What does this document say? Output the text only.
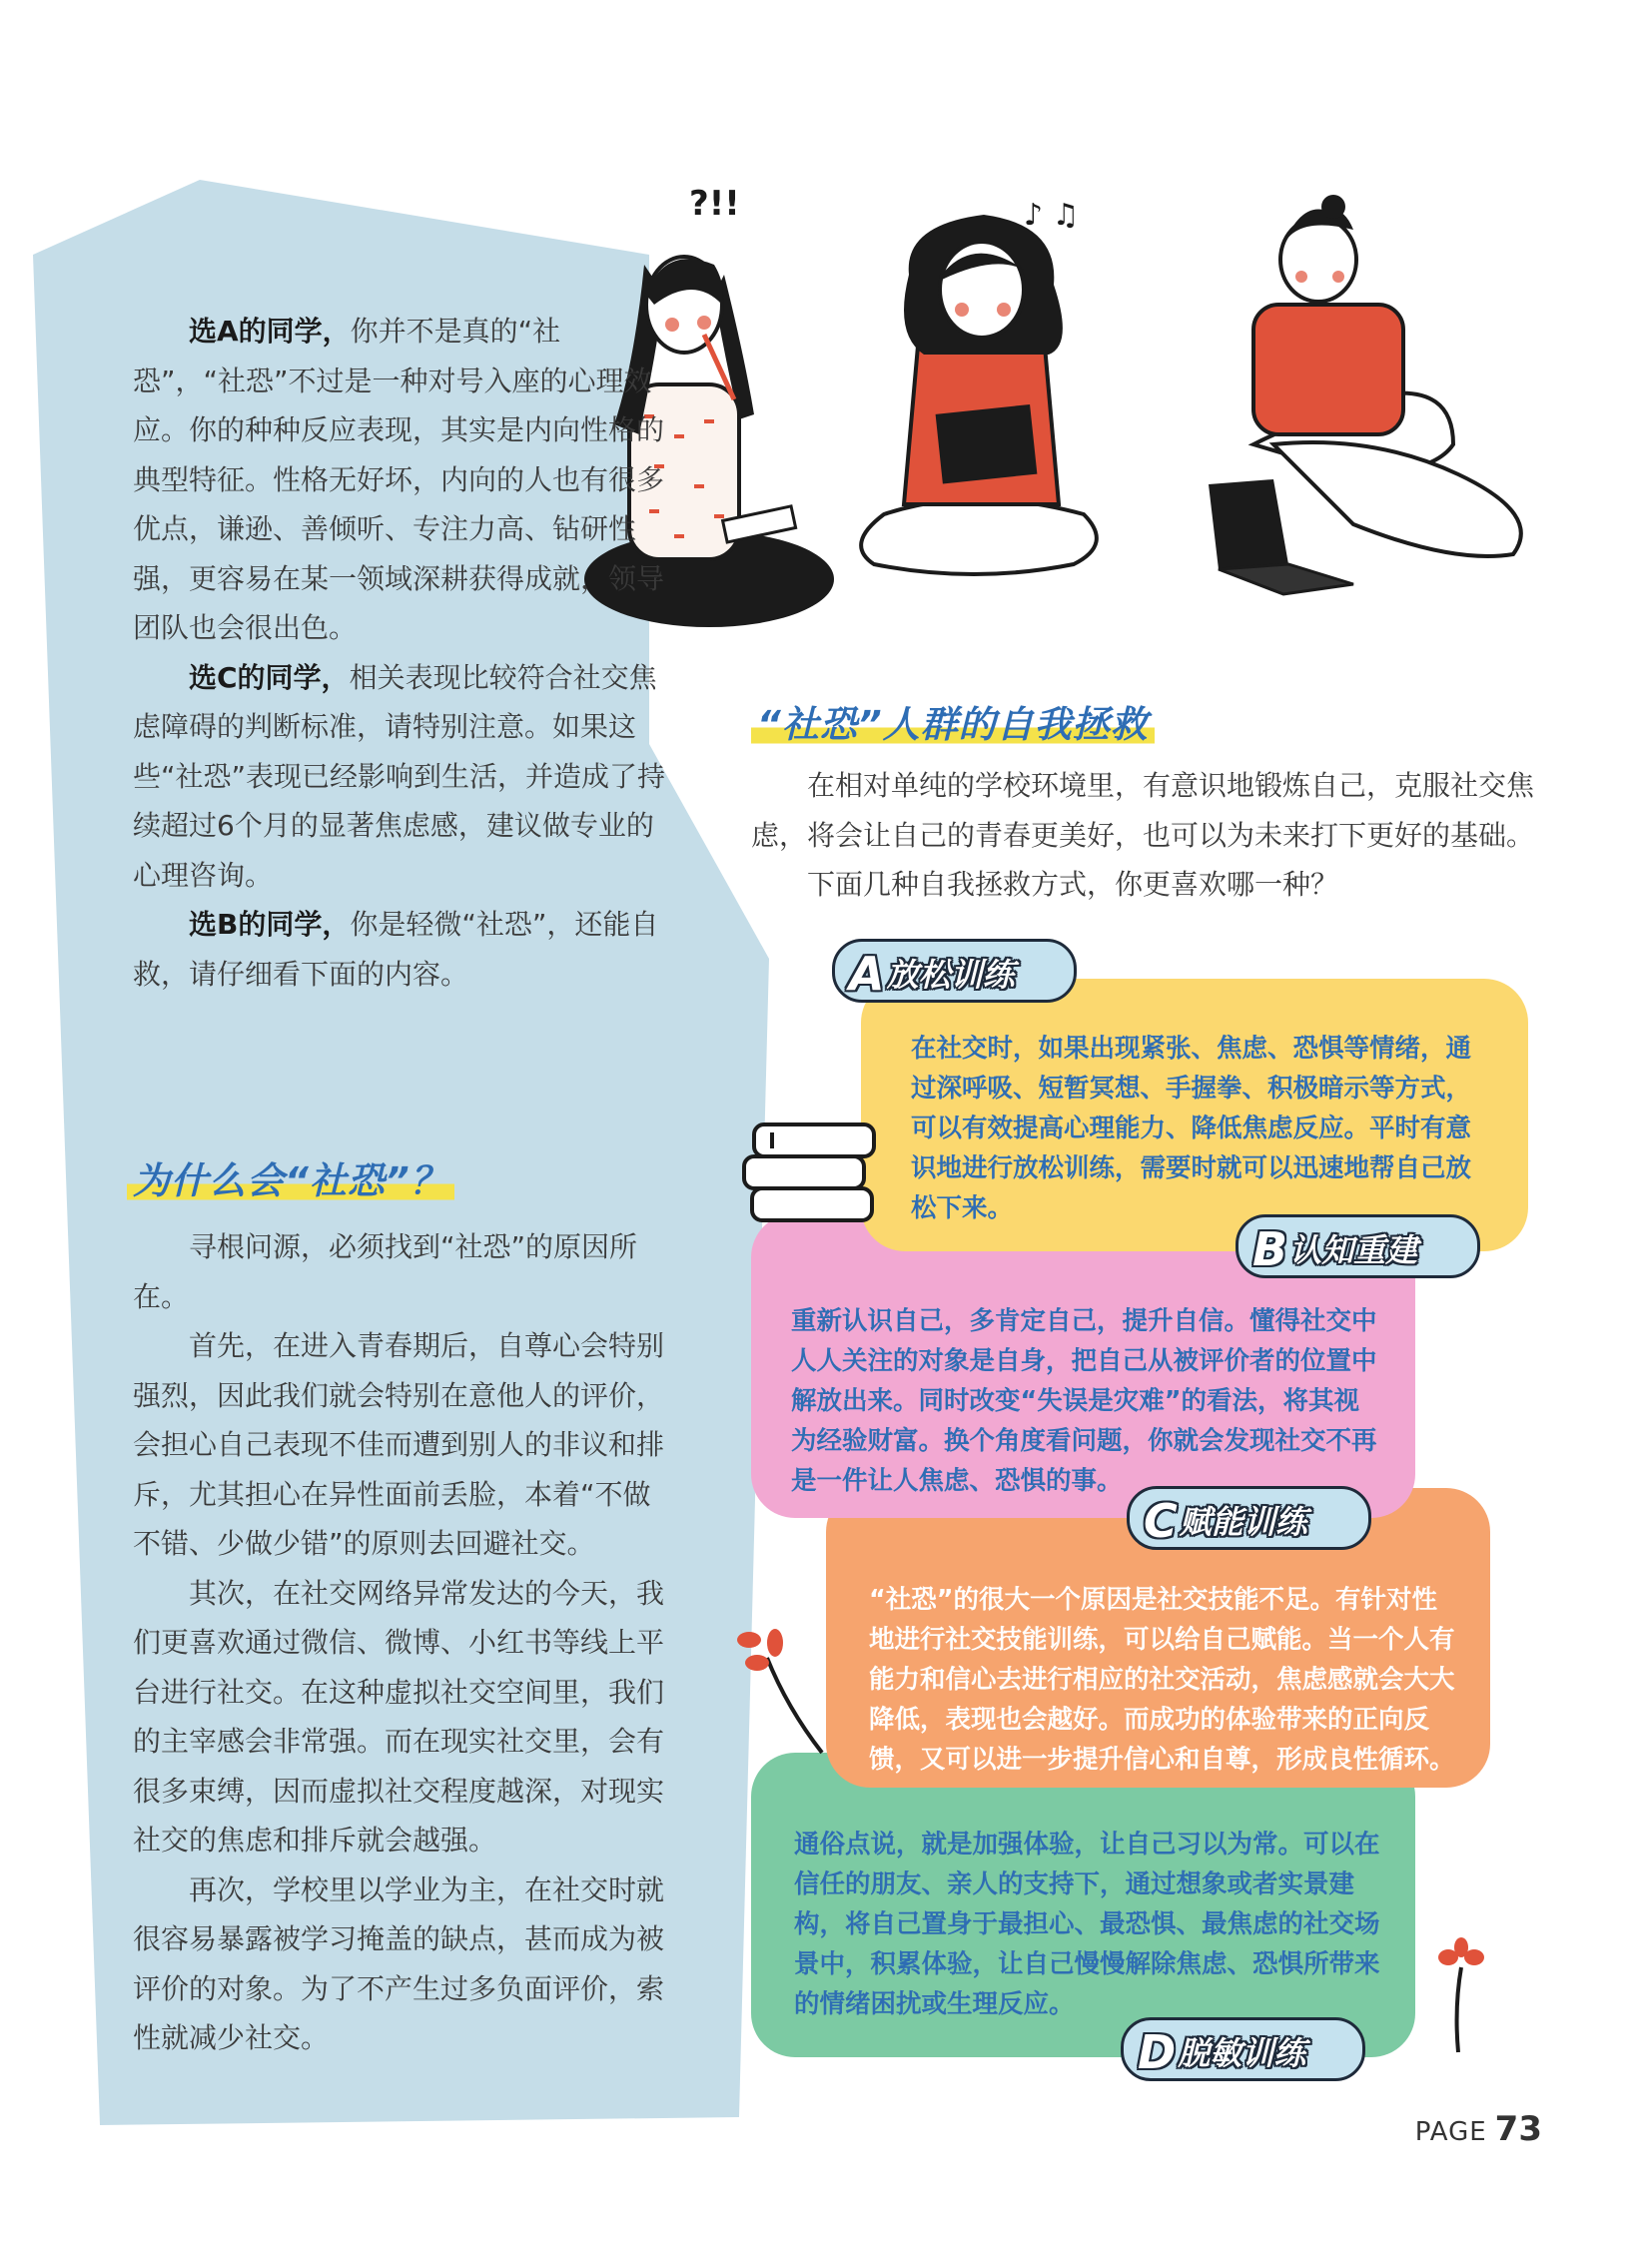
?!!	♪ ♫

选A的同学，你并不是真的“社恐”，“社恐”不过是一种对号入座的心理效应。你的种种反应表现，其实是内向性格的典型特征。性格无好坏，内向的人也有很多优点，谦逊、善倾听、专注力高、钻研性强，更容易在某一领域深耕获得成就，领导团队也会很出色。

选C的同学，相关表现比较符合社交焦虑障碍的判断标准，请特别注意。如果这些“社恐”表现已经影响到生活，并造成了持续超过6个月的显著焦虑感，建议做专业的心理咨询。

选B的同学，你是轻微“社恐”，还能自救，请仔细看下面的内容。

为什么会“社恐”？

寻根问源，必须找到“社恐”的原因所在。

首先，在进入青春期后，自尊心会特别强烈，因此我们就会特别在意他人的评价，会担心自己表现不佳而遭到别人的非议和排斥，尤其担心在异性面前丢脸，本着“不做不错、少做少错”的原则去回避社交。

其次，在社交网络异常发达的今天，我们更喜欢通过微信、微博、小红书等线上平台进行社交。在这种虚拟社交空间里，我们的主宰感会非常强。而在现实社交里，会有很多束缚，因而虚拟社交程度越深，对现实社交的焦虑和排斥就会越强。

再次，学校里以学业为主，在社交时就很容易暴露被学习掩盖的缺点，甚而成为被评价的对象。为了不产生过多负面评价，索性就减少社交。

“社恐”人群的自我拯救

在相对单纯的学校环境里，有意识地锻炼自己，克服社交焦虑，将会让自己的青春更美好，也可以为未来打下更好的基础。

下面几种自我拯救方式，你更喜欢哪一种？

在社交时，如果出现紧张、焦虑、恐惧等情绪，通过深呼吸、短暂冥想、手握拳、积极暗示等方式，可以有效提高心理能力、降低焦虑反应。平时有意识地进行放松训练，需要时就可以迅速地帮自己放松下来。
重新认识自己，多肯定自己，提升自信。懂得社交中人人关注的对象是自身，把自己从被评价者的位置中解放出来。同时改变“失误是灾难”的看法，将其视为经验财富。换个角度看问题，你就会发现社交不再是一件让人焦虑、恐惧的事。
“社恐”的很大一个原因是社交技能不足。有针对性地进行社交技能训练，可以给自己赋能。当一个人有能力和信心去进行相应的社交活动，焦虑感就会大大降低，表现也会越好。而成功的体验带来的正向反馈，又可以进一步提升信心和自尊，形成良性循环。
通俗点说，就是加强体验，让自己习以为常。可以在信任的朋友、亲人的支持下，通过想象或者实景建构，将自己置身于最担心、最恐惧、最焦虑的社交场景中，积累体验，让自己慢慢解除焦虑、恐惧所带来的情绪困扰或生理反应。
A放松训练
B认知重建
C赋能训练
D脱敏训练
PAGE 73
